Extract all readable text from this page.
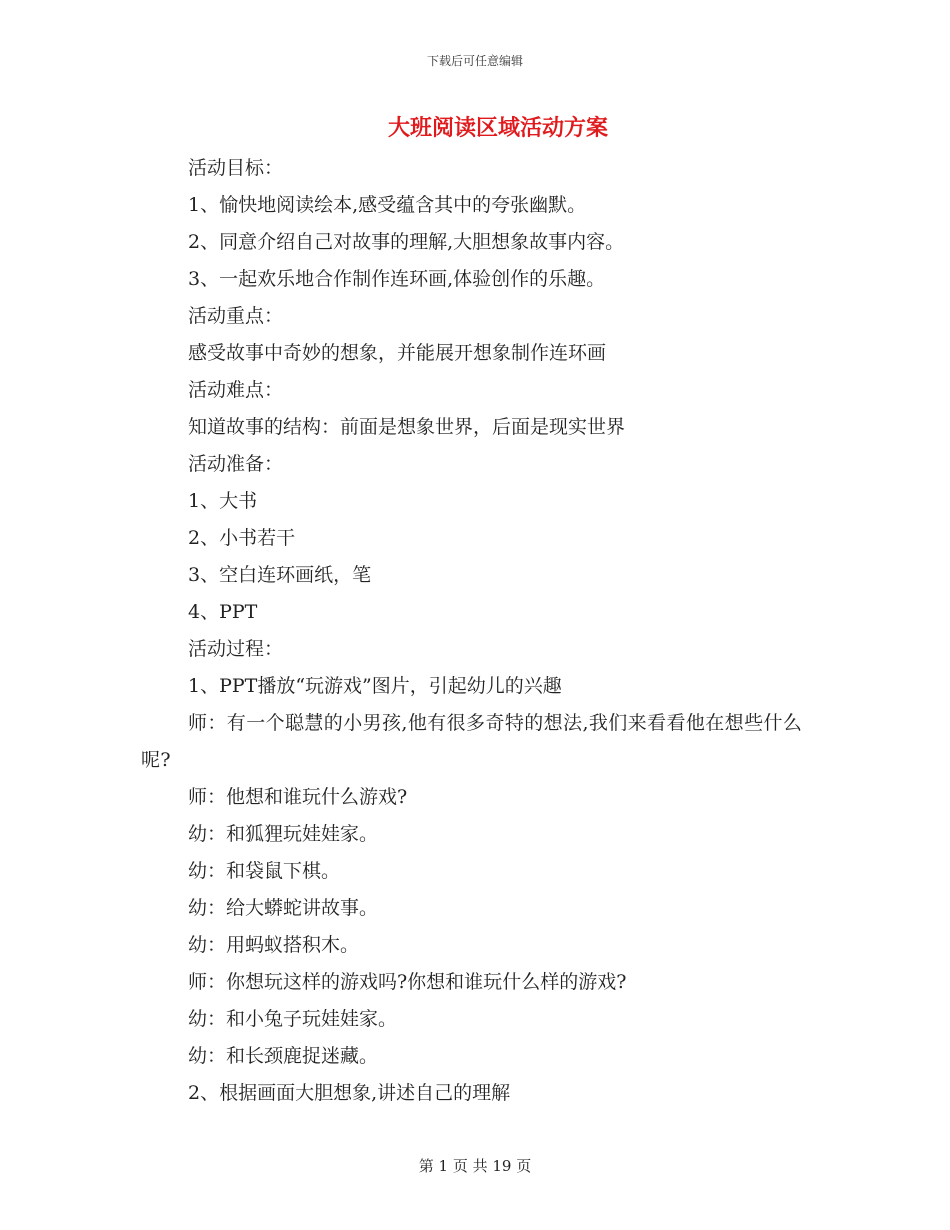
下载后可任意编辑
大班阅读区域活动方案

活动目标：

1、愉快地阅读绘本,感受蕴含其中的夸张幽默。

2、同意介绍自己对故事的理解,大胆想象故事内容。

3、一起欢乐地合作制作连环画,体验创作的乐趣。

活动重点：

感受故事中奇妙的想象，并能展开想象制作连环画

活动难点：

知道故事的结构：前面是想象世界，后面是现实世界

活动准备：

1、大书

2、小书若干

3、空白连环画纸，笔

4、PPT

活动过程：

1、PPT播放“玩游戏”图片，引起幼儿的兴趣

师：有一个聪慧的小男孩,他有很多奇特的想法,我们来看看他在想些什么呢?

师：他想和谁玩什么游戏?

幼：和狐狸玩娃娃家。

幼：和袋鼠下棋。

幼：给大蟒蛇讲故事。

幼：用蚂蚁搭积木。

师：你想玩这样的游戏吗?你想和谁玩什么样的游戏?

幼：和小兔子玩娃娃家。

幼：和长颈鹿捉迷藏。

2、根据画面大胆想象,讲述自己的理解

第 1 页 共 19 页
